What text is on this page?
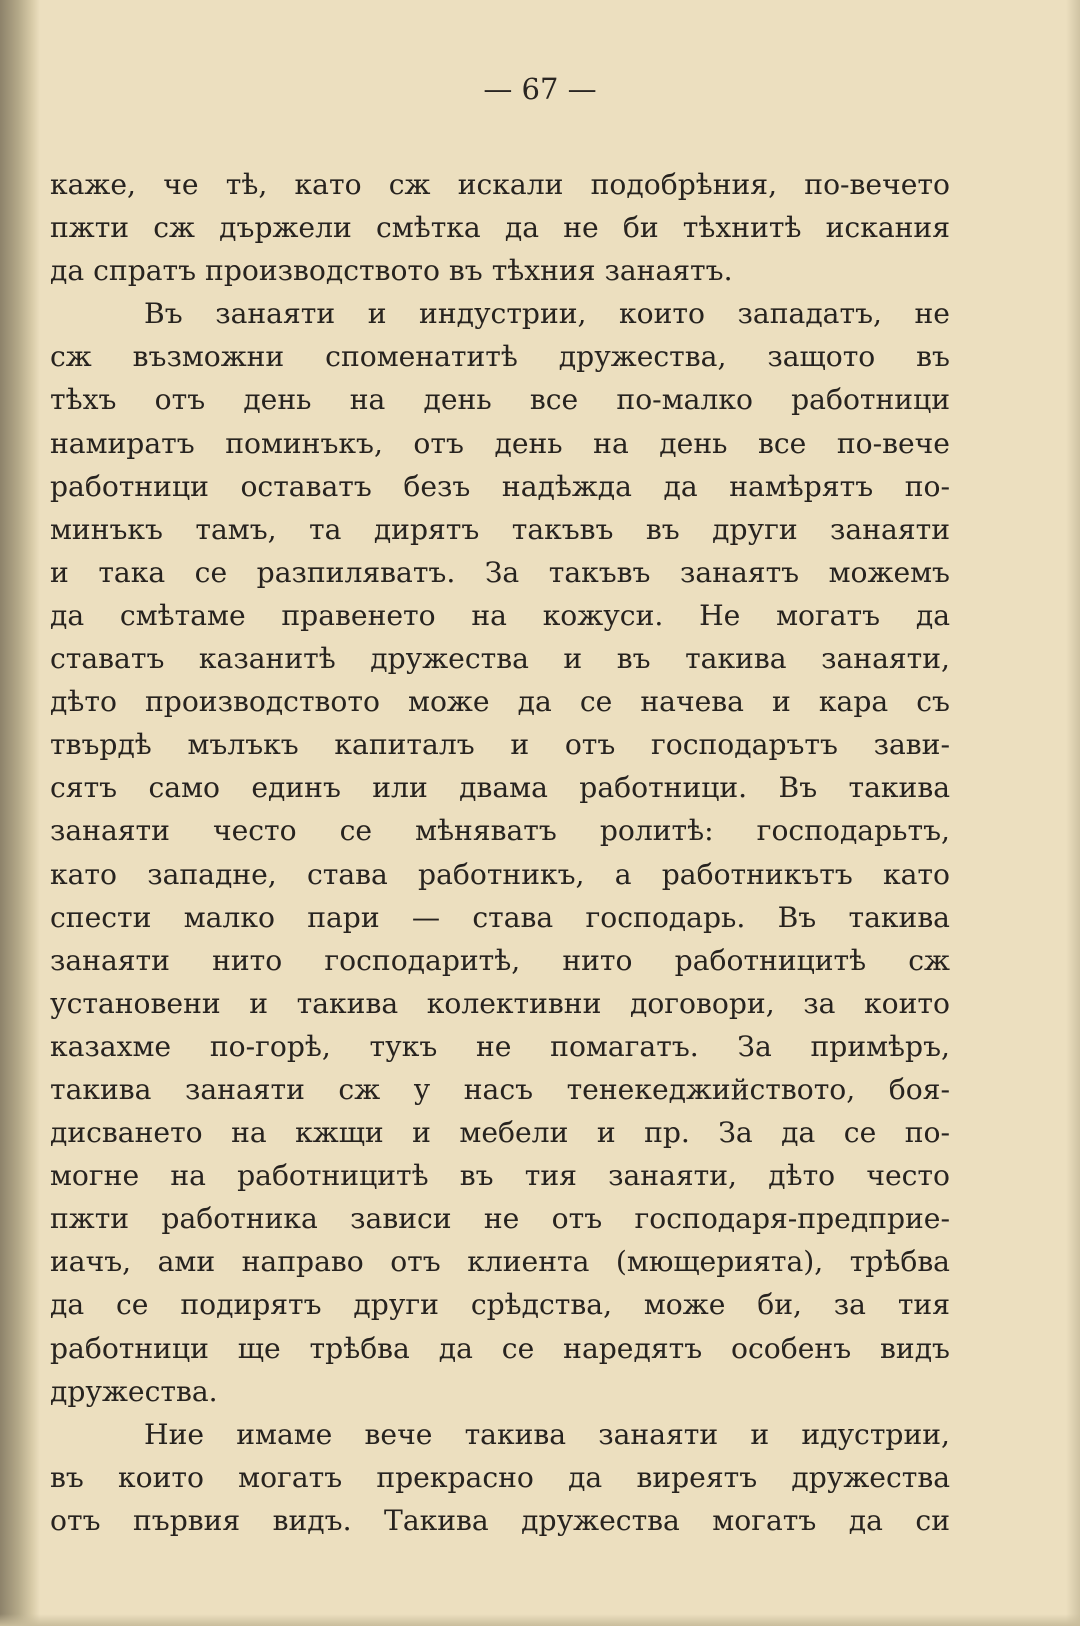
— 67 —
каже, че тѣ, като сж искали подобрѣния, по-вечето
пжти сж държели смѣтка да не би тѣхнитѣ искания
да спратъ производството въ тѣхния занаятъ.
Въ занаяти и индустрии, които западатъ, не
сж възможни споменатитѣ дружества, защото въ
тѣхъ отъ день на день все по-малко работници
намиратъ поминъкъ, отъ день на день все по-вече
работници оставатъ безъ надѣжда да намѣрятъ по-
минъкъ тамъ, та дирятъ такъвъ въ други занаяти
и така се разпиляватъ. За такъвъ занаятъ можемъ
да смѣтаме правенето на кожуси. Не могатъ да
ставатъ казанитѣ дружества и въ такива занаяти,
дѣто производството може да се начева и кара съ
твърдѣ мълъкъ капиталъ и отъ господарътъ зави-
сятъ само единъ или двама работници. Въ такива
занаяти често се мѣняватъ ролитѣ: господарьтъ,
като западне, става работникъ, а работникътъ като
спести малко пари — става господарь. Въ такива
занаяти нито господаритѣ, нито работницитѣ сж
установени и такива колективни договори, за които
казахме по-горѣ, тукъ не помагатъ. За примѣръ,
такива занаяти сж у насъ тенекеджийството, боя-
дисването на кжщи и мебели и пр. За да се по-
могне на работницитѣ въ тия занаяти, дѣто често
пжти работника зависи не отъ господаря-предприе-
иачъ, ами направо отъ клиента (мющерията), трѣбва
да се подирятъ други срѣдства, може би, за тия
работници ще трѣбва да се наредятъ особенъ видъ
дружества.
Ние имаме вече такива занаяти и идустрии,
въ които могатъ прекрасно да виреятъ дружества
отъ първия видъ. Такива дружества могатъ да си
